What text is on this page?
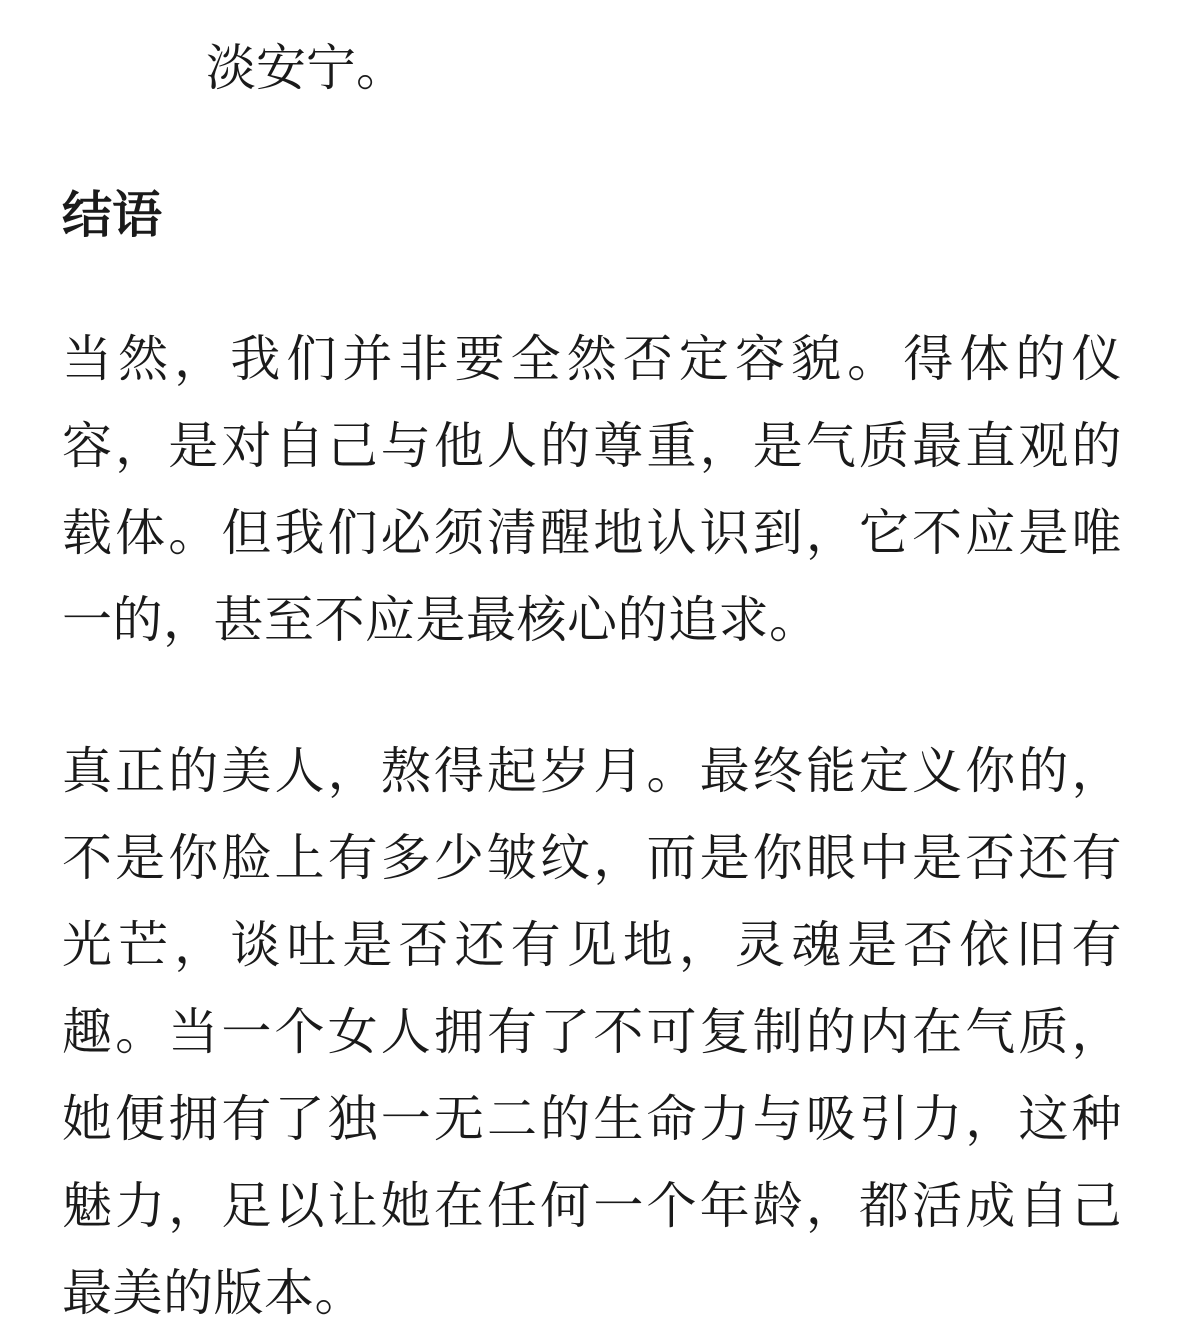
淡安宁。
结语

当然，我们并非要全然否定容貌。得体的仪容，是对自己与他人的尊重，是气质最直观的载体。但我们必须清醒地认识到，它不应是唯一的，甚至不应是最核心的追求。

真正的美人，熬得起岁月。最终能定义你的，不是你脸上有多少皱纹，而是你眼中是否还有光芒，谈吐是否还有见地，灵魂是否依旧有趣。当一个女人拥有了不可复制的内在气质，她便拥有了独一无二的生命力与吸引力，这种魅力，足以让她在任何一个年龄，都活成自己最美的版本。
